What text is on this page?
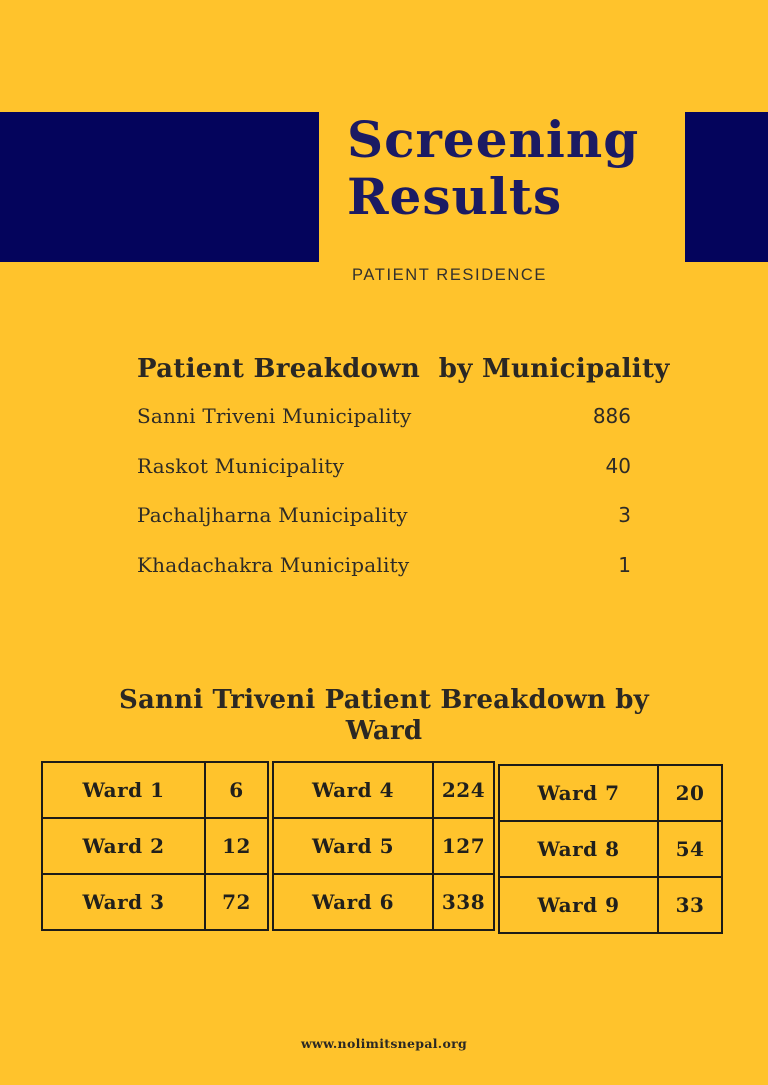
Screening
Results
PATIENT RESIDENCE
Patient Breakdown  by Municipality
Sanni Triveni Municipality	886
Raskot Municipality	40
Pachaljharna Municipality	3
Khadachakra Municipality	1
Sanni Triveni Patient Breakdown by Ward
Ward 1	6
Ward 2	12
Ward 3	72
Ward 4	224
Ward 5	127
Ward 6	338
Ward 7	20
Ward 8	54
Ward 9	33
www.nolimitsnepal.org
